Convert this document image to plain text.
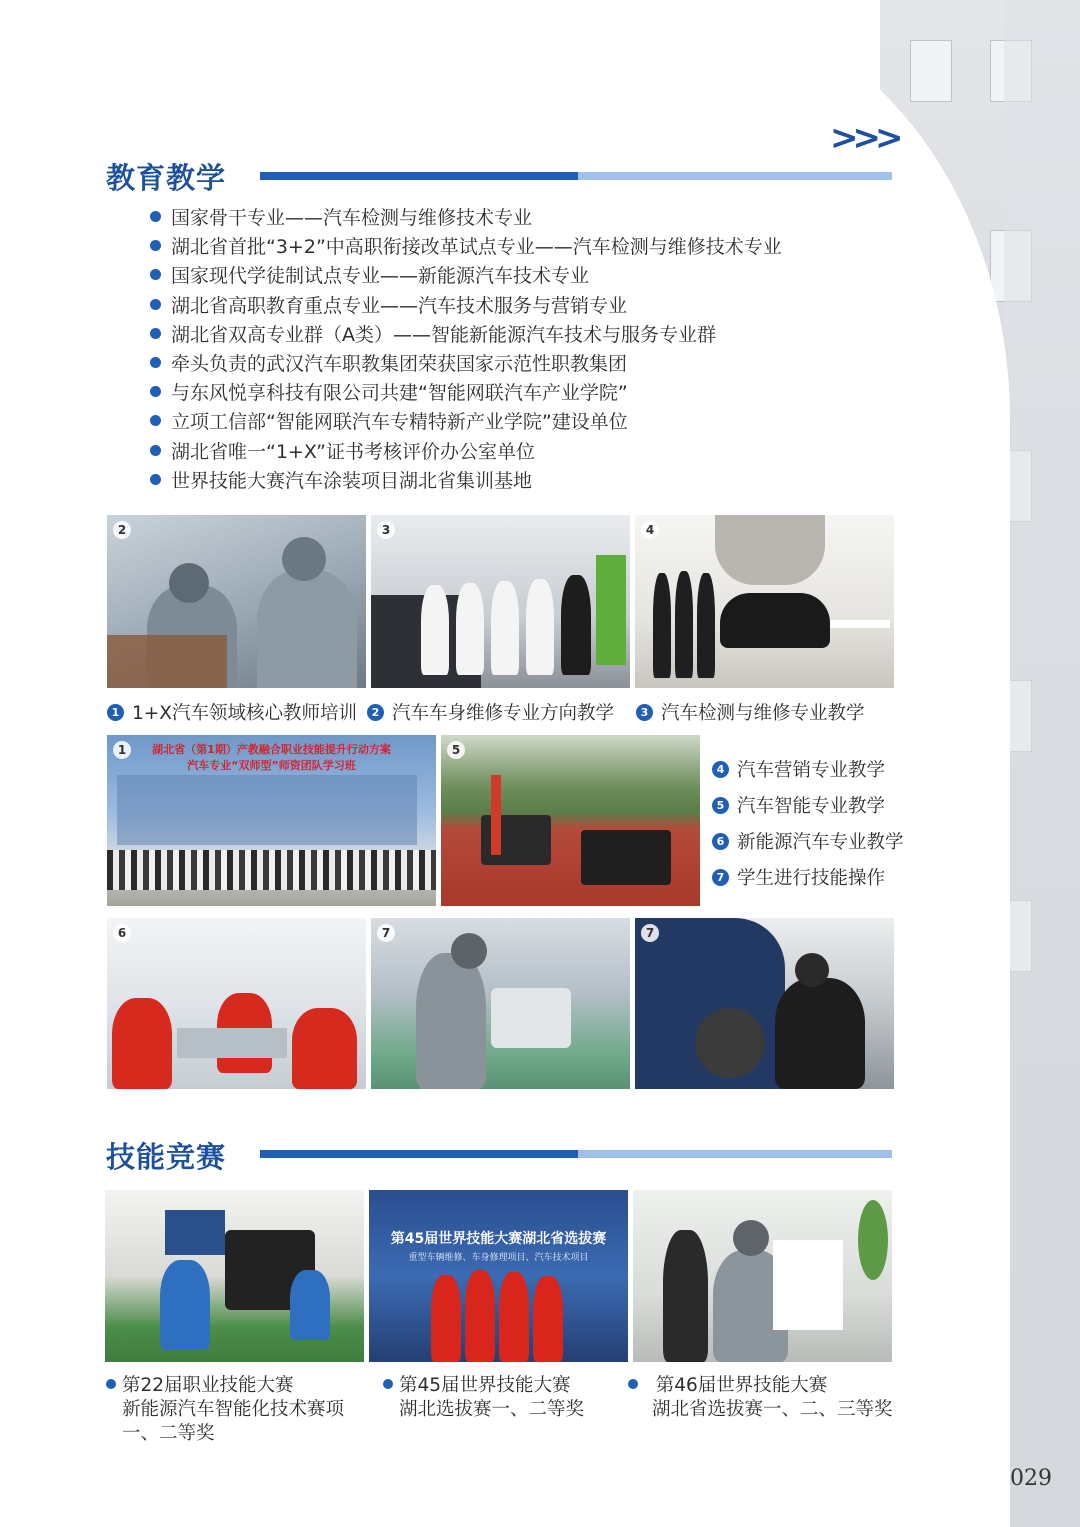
>>>
教育教学
国家骨干专业——汽车检测与维修技术专业
湖北省首批“3+2”中高职衔接改革试点专业——汽车检测与维修技术专业
国家现代学徒制试点专业——新能源汽车技术专业
湖北省高职教育重点专业——汽车技术服务与营销专业
湖北省双高专业群（A类）——智能新能源汽车技术与服务专业群
牵头负责的武汉汽车职教集团荣获国家示范性职教集团
与东风悦享科技有限公司共建“智能网联汽车产业学院”
立项工信部“智能网联汽车专精特新产业学院”建设单位
湖北省唯一“1+X”证书考核评价办公室单位
世界技能大赛汽车涂装项目湖北省集训基地
2	3	4
1 1+X汽车领域核心教师培训	2 汽车车身维修专业方向教学	3 汽车检测与维修专业教学
湖北省（第1期）产教融合职业技能提升行动方案
汽车专业“双师型”师资团队学习班
1	5
4 汽车营销专业教学
5 汽车智能专业教学
6 新能源汽车专业教学
7 学生进行技能操作
6	7	7
技能竞赛
第45届世界技能大赛湖北省选拔赛
重型车辆维修、车身修理项目、汽车技术项目
第22届职业技能大赛
新能源汽车智能化技术赛项
一、二等奖
第45届世界技能大赛
湖北选拔赛一、二等奖
第46届世界技能大赛
湖北省选拔赛一、二、三等奖
029
